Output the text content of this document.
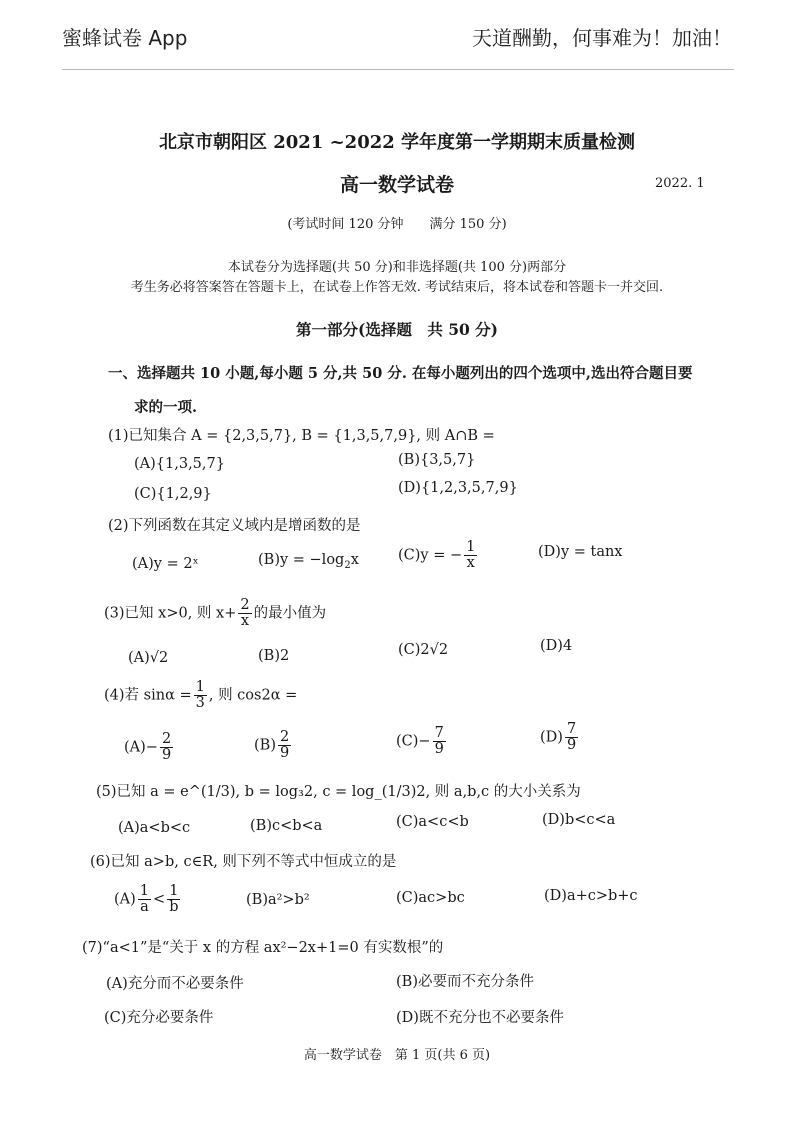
蜜蜂试卷 App	天道酬勤，何事难为！加油！
北京市朝阳区 2021 ~2022 学年度第一学期期末质量检测
高一数学试卷	2022. 1
(考试时间 120 分钟　　满分 150 分)
本试卷分为选择题(共 50 分)和非选择题(共 100 分)两部分
考生务必将答案答在答题卡上，在试卷上作答无效. 考试结束后，将本试卷和答题卡一并交回.
第一部分(选择题　共 50 分)
一、选择题共 10 小题,每小题 5 分,共 50 分. 在每小题列出的四个选项中,选出符合题目要
求的一项.
(1)已知集合 A = {2,3,5,7}, B = {1,3,5,7,9}, 则 A∩B =
(A){1,3,5,7}	(B){3,5,7}
(C){1,2,9}	(D){1,2,3,5,7,9}
(2)下列函数在其定义域内是增函数的是
(A)y = 2ˣ	$(B)y = -\log_2x$	(C)y = − $\frac{1}{x}$	(D)y = tanx
(3)已知 x>0, 则 $x+ \frac{2}{x}$ 的最小值为
(A)√2	(B)2	(C)2√2	(D)4
(4)若 $\sin\alpha = \frac{1}{3}$ , 则 cos2α =
$(A)- \frac{2}{9}$	$(B) \frac{2}{9}$	$(C)- \frac{7}{9}$	$(D) \frac{7}{9}$
(5)已知 a = e^(1/3), b = log₃2, c = log_(1/3)2, 则 a,b,c 的大小关系为
(A)a<b<c	(B)c<b<a	(C)a<c<b	(D)b<c<a
(6)已知 a>b, c∈R, 则下列不等式中恒成立的是
$(A) \frac{1}{a} < \frac{1}{b}$	(B)a²>b²	(C)ac>bc	(D)a+c>b+c
(7)“a<1”是“关于 x 的方程 ax²−2x+1=0 有实数根”的
(A)充分而不必要条件	(B)必要而不充分条件
(C)充分必要条件	(D)既不充分也不必要条件
高一数学试卷　第 1 页(共 6 页)
